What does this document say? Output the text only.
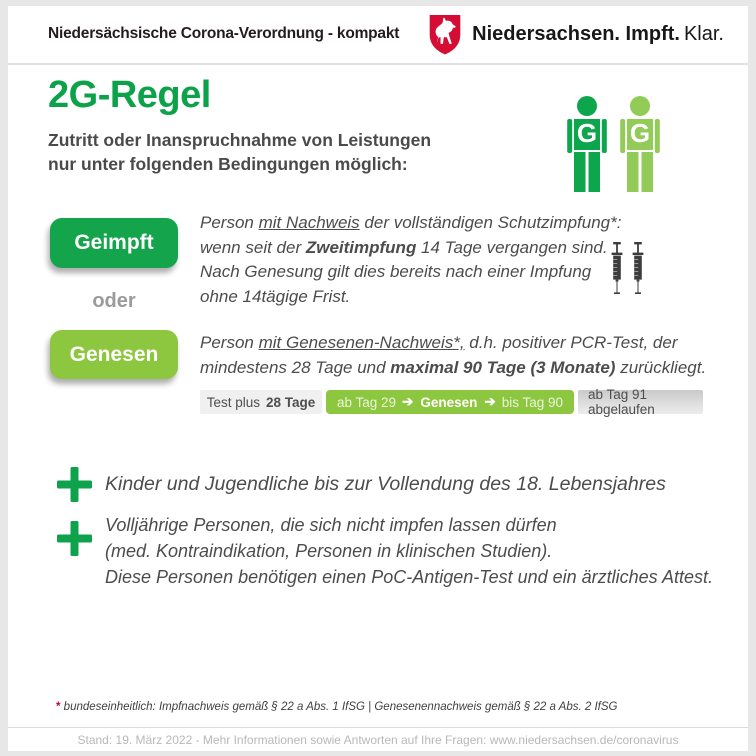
Niedersächsische Corona-Verordnung - kompakt	Niedersachsen. Impft. Klar.
2G-Regel
Zutritt oder Inanspruchnahme von Leistungen
nur unter folgenden Bedingungen möglich:
G G
Geimpft
Person mit Nachweis der vollständigen Schutzimpfung*:
wenn seit der Zweitimpfung 14 Tage vergangen sind.
Nach Genesung gilt dies bereits nach einer Impfung
ohne 14tägige Frist.
oder
Genesen	Person mit Genesenen-Nachweis*, d.h. positiver PCR-Test, der
mindestens 28 Tage und maximal 90 Tage (3 Monate) zurückliegt.
Test plus 28 Tage ab Tag 29 ➔ Genesen ➔ bis Tag 90	ab Tag 91 abgelaufen
Kinder und Jugendliche bis zur Vollendung des 18. Lebensjahres
Volljährige Personen, die sich nicht impfen lassen dürfen
(med. Kontraindikation, Personen in klinischen Studien).
Diese Personen benötigen einen PoC-Antigen-Test und ein ärztliches Attest.
* bundeseinheitlich: Impfnachweis gemäß § 22 a Abs. 1 IfSG | Genesenennachweis gemäß § 22 a Abs. 2 IfSG
Stand: 19. März 2022 - Mehr Informationen sowie Antworten auf Ihre Fragen: www.niedersachsen.de/coronavirus
